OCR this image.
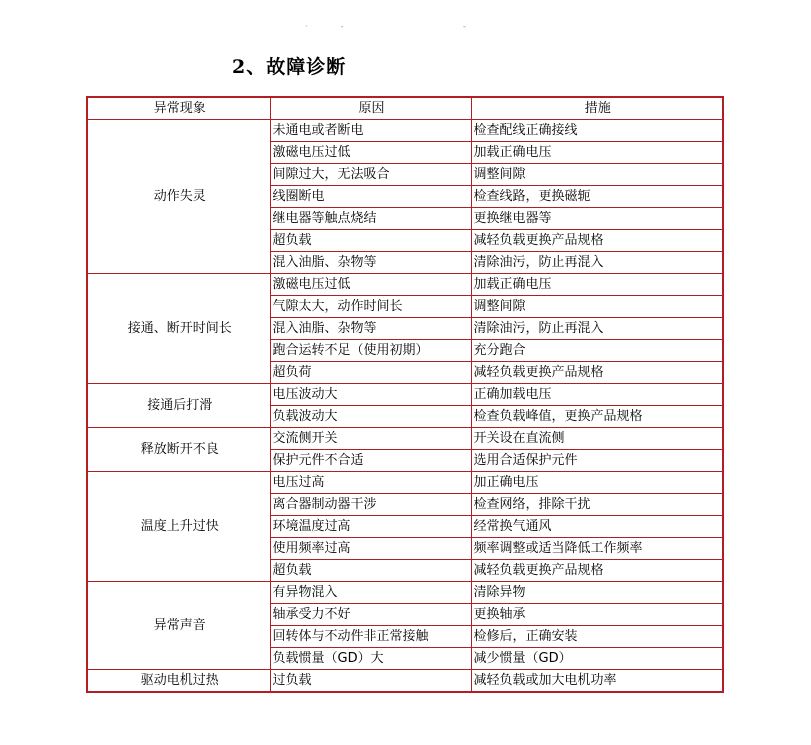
·             -                                               -
2、故障诊断
异常现象	原因	措施
动作失灵	未通电或者断电	检查配线正确接线
	激磁电压过低	加载正确电压
	间隙过大，无法吸合	调整间隙
	线圈断电	检查线路，更换磁轭
	继电器等触点烧结	更换继电器等
	超负载	减轻负载更换产品规格
	混入油脂、杂物等	清除油污，防止再混入
接通、断开时间长	激磁电压过低	加载正确电压
	气隙太大，动作时间长	调整间隙
	混入油脂、杂物等	清除油污，防止再混入
	跑合运转不足（使用初期）	充分跑合
	超负荷	减轻负载更换产品规格
接通后打滑	电压波动大	正确加载电压
	负载波动大	检查负载峰值，更换产品规格
释放断开不良	交流侧开关	开关设在直流侧
	保护元件不合适	选用合适保护元件
温度上升过快	电压过高	加正确电压
	离合器制动器干涉	检查网络，排除干扰
	环境温度过高	经常换气通风
	使用频率过高	频率调整或适当降低工作频率
	超负载	减轻负载更换产品规格
异常声音	有异物混入	清除异物
	轴承受力不好	更换轴承
	回转体与不动件非正常接触	检修后，正确安装
	负载惯量（GD）大	减少惯量（GD）
驱动电机过热	过负载	减轻负载或加大电机功率
